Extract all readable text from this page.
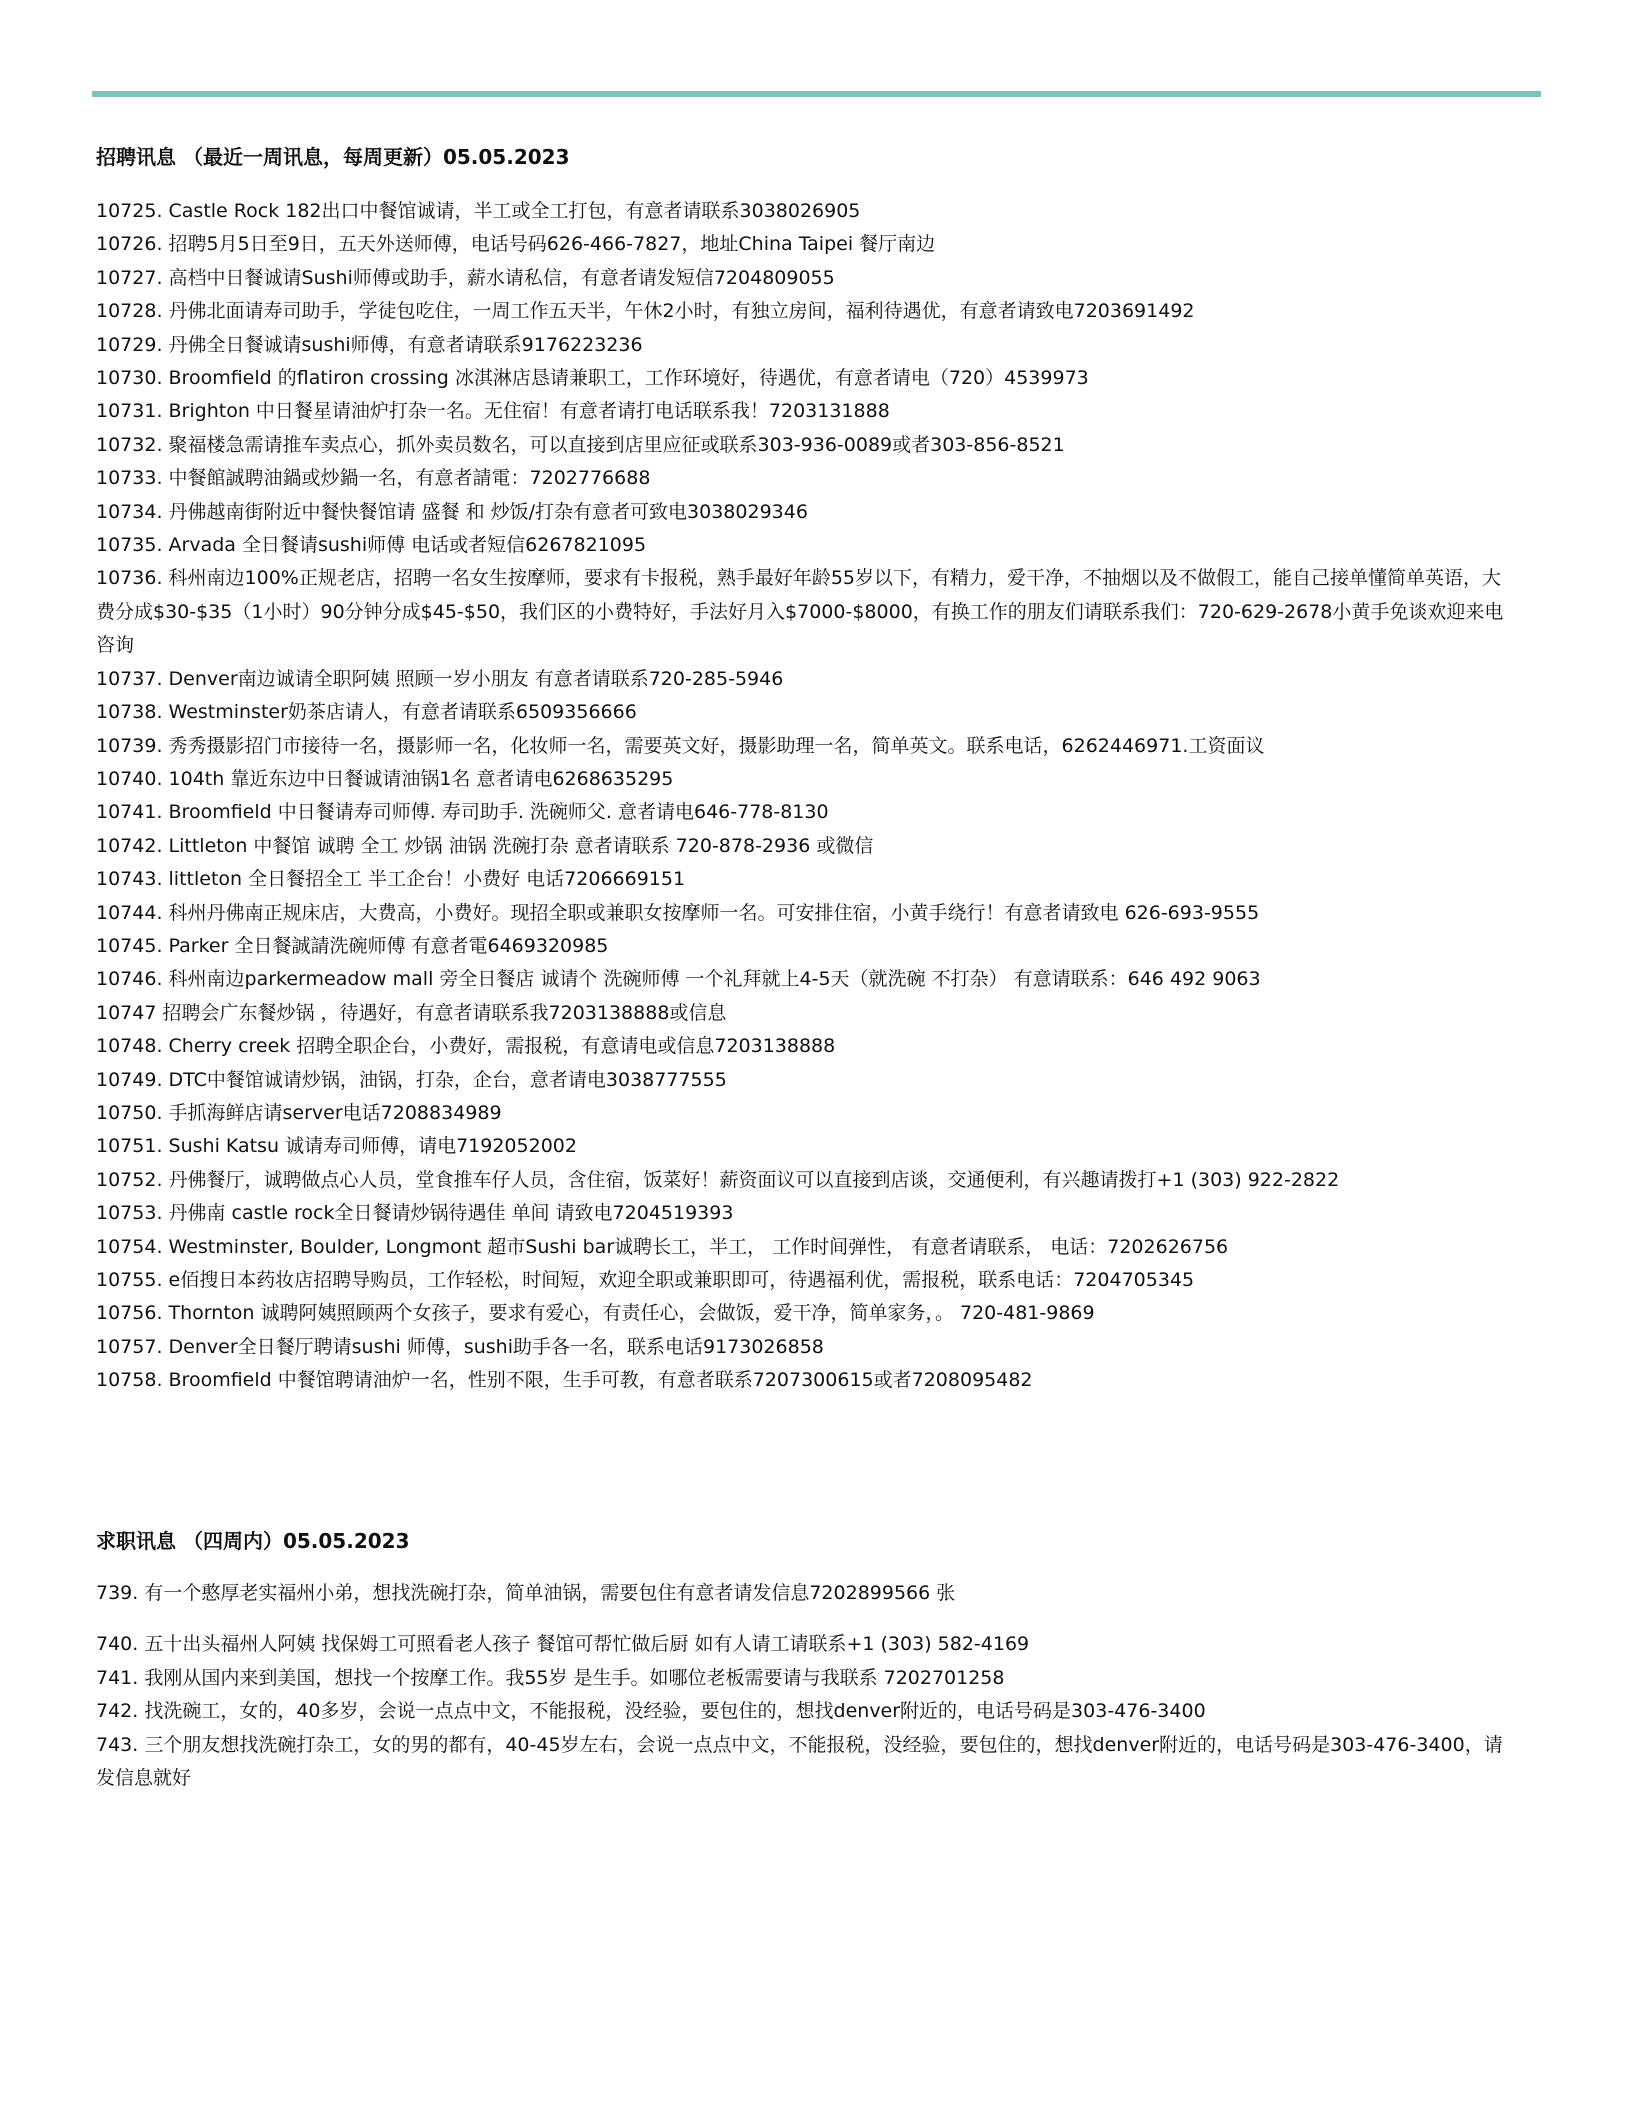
招聘讯息 （最近一周讯息，每周更新）05.05.2023
10725. Castle Rock 182出口中餐馆诚请，半工或全工打包，有意者请联系3038026905
10726. 招聘5月5日至9日，五天外送师傅，电话号码626-466-7827，地址China Taipei 餐厅南边
10727. 高档中日餐诚请Sushi师傅或助手，薪水请私信，有意者请发短信7204809055
10728. 丹佛北面请寿司助手，学徒包吃住，一周工作五天半，午休2小时，有独立房间，福利待遇优，有意者请致电7203691492
10729. 丹佛全日餐诚请sushi师傅，有意者请联系9176223236
10730. Broomfield 的flatiron crossing 冰淇淋店恳请兼职工，工作环境好，待遇优，有意者请电（720）4539973
10731. Brighton 中日餐星请油炉打杂一名。无住宿！有意者请打电话联系我！7203131888
10732. 聚福楼急需请推车卖点心，抓外卖员数名，可以直接到店里应征或联系303-936-0089或者303-856-8521
10733. 中餐館誠聘油鍋或炒鍋一名，有意者請電：7202776688
10734. 丹佛越南街附近中餐快餐馆请 盛餐 和 炒饭/打杂有意者可致电3038029346
10735. Arvada 全日餐请sushi师傅 电话或者短信6267821095
10736. 科州南边100%正规老店，招聘一名女生按摩师，要求有卡报税，熟手最好年龄55岁以下，有精力，爱干净，不抽烟以及不做假工，能自己接单懂简单英语，大费分成$30-$35（1小时）90分钟分成$45-$50，我们区的小费特好，手法好月入$7000-$8000，有换工作的朋友们请联系我们：720-629-2678小黄手免谈欢迎来电咨询
10737. Denver南边诚请全职阿姨 照顾一岁小朋友 有意者请联系720-285-5946
10738. Westminster奶茶店请人，有意者请联系6509356666
10739. 秀秀摄影招门市接待一名，摄影师一名，化妆师一名，需要英文好，摄影助理一名，简单英文。联系电话，6262446971.工资面议
10740. 104th 靠近东边中日餐诚请油锅1名 意者请电6268635295
10741. Broomfield 中日餐请寿司师傅. 寿司助手. 洗碗师父. 意者请电646-778-8130
10742. Littleton 中餐馆 诚聘 全工 炒锅 油锅 洗碗打杂 意者请联系 720-878-2936 或微信
10743. littleton 全日餐招全工 半工企台！小费好 电话7206669151
10744. 科州丹佛南正规床店，大费高，小费好。现招全职或兼职女按摩师一名。可安排住宿，小黄手绕行！有意者请致电 626-693-9555
10745. Parker 全日餐誠請洗碗师傅 有意者電6469320985
10746. 科州南边parkermeadow mall 旁全日餐店 诚请个 洗碗师傅 一个礼拜就上4-5天（就洗碗 不打杂） 有意请联系：646 492 9063
10747 招聘会广东餐炒锅 ，待遇好，有意者请联系我7203138888或信息
10748. Cherry creek 招聘全职企台，小费好，需报税，有意请电或信息7203138888
10749. DTC中餐馆诚请炒锅，油锅，打杂，企台，意者请电3038777555
10750. 手抓海鲜店请server电话7208834989
10751. Sushi Katsu 诚请寿司师傅，请电7192052002
10752. 丹佛餐厅，诚聘做点心人员，堂食推车仔人员，含住宿，饭菜好！薪资面议可以直接到店谈，交通便利，有兴趣请拨打+1 (303) 922-2822
10753. 丹佛南 castle rock全日餐请炒锅待遇佳 单间 请致电7204519393
10754. Westminster, Boulder, Longmont 超市Sushi bar诚聘长工，半工， 工作时间弹性， 有意者请联系， 电话：7202626756
10755. e佰搜日本药妆店招聘导购员，工作轻松，时间短，欢迎全职或兼职即可，待遇福利优，需报税，联系电话：7204705345
10756. Thornton 诚聘阿姨照顾两个女孩子，要求有爱心，有责任心，会做饭，爱干净，简单家务，。 720-481-9869
10757. Denver全日餐厅聘请sushi 师傅，sushi助手各一名，联系电话9173026858
10758. Broomfield 中餐馆聘请油炉一名，性别不限，生手可教，有意者联系7207300615或者7208095482
求职讯息 （四周内）05.05.2023
739. 有一个憨厚老实福州小弟，想找洗碗打杂，简单油锅，需要包住有意者请发信息7202899566 张
740. 五十出头福州人阿姨 找保姆工可照看老人孩子 餐馆可帮忙做后厨 如有人请工请联系+1 (303) 582-4169
741. 我刚从国内来到美国，想找一个按摩工作。我55岁 是生手。如哪位老板需要请与我联系 7202701258
742. 找洗碗工，女的，40多岁，会说一点点中文，不能报税，没经验，要包住的，想找denver附近的，电话号码是303-476-3400
743. 三个朋友想找洗碗打杂工，女的男的都有，40-45岁左右，会说一点点中文，不能报税，没经验，要包住的，想找denver附近的，电话号码是303-476-3400，请发信息就好
